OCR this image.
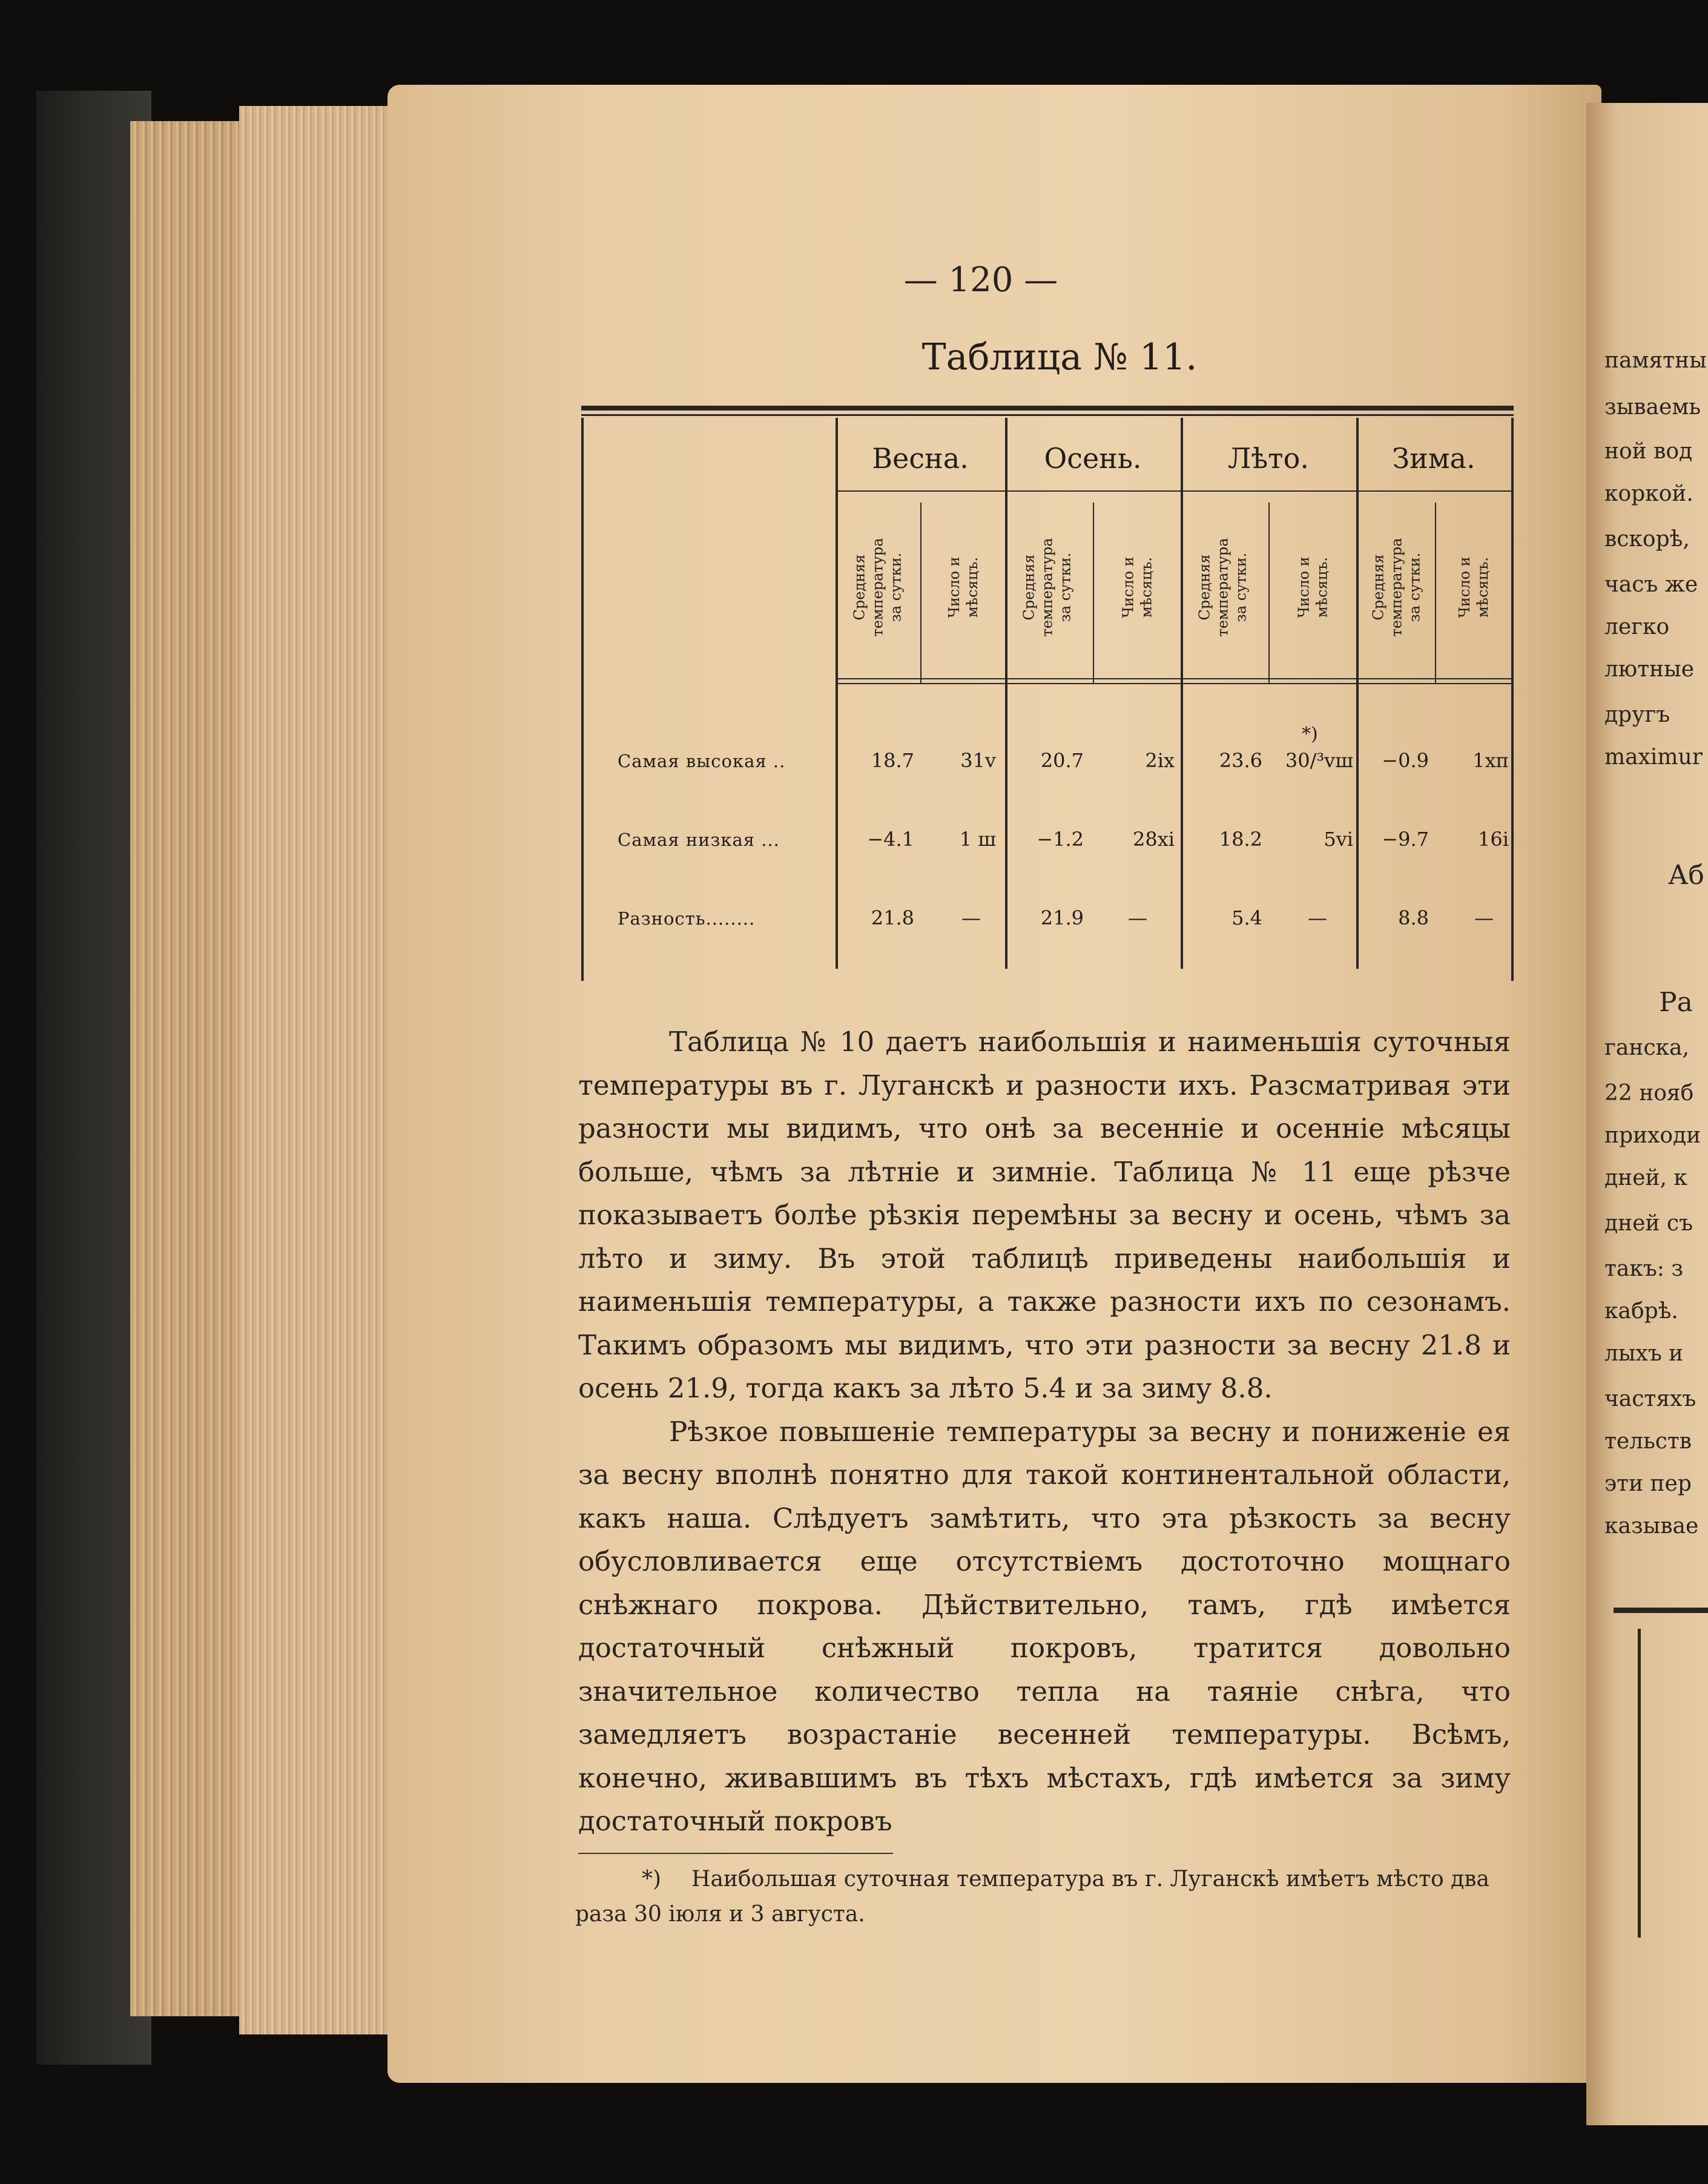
— 120 —
Таблица № 11.
Весна.	Осень.	Лѣто.	Зима.
Средняя
температура
за сутки.	Число и
мѣсяцъ.	Средняя
температура
за сутки.	Число и
мѣсяцъ.	Средняя
температура
за сутки.	Число и
мѣсяцъ.	Средняя
температура
за сутки. Число и
мѣсяцъ.
*)
Самая высокая ..	18.7	31v	20.7	2ix	23.6	30/³vш	−0.9	1xп
Самая низкая ...	−4.1	1 ш	−1.2	28xi	18.2	5vi	−9.7	16i
Разность........	21.8	—	21.9	—	5.4	—	8.8	—

Таблица № 10 даетъ наибольшія и наименьшія суточныя температуры въ г. Луганскѣ и разности ихъ. Разсматривая эти разности мы видимъ, что онѣ за весенніе и осеннiе мѣсяцы больше, чѣмъ за лѣтніе и зимніе. Таблица № 11 еще рѣзче показываетъ болѣе рѣзкія перемѣны за весну и осень, чѣмъ за лѣто и зиму. Въ этой таблицѣ приведены наибольшія и наименьшія температуры, а также разности ихъ по сезонамъ. Такимъ образомъ мы видимъ, что эти разности за весну 21.8 и осень 21.9, тогда какъ за лѣто 5.4 и за зиму 8.8.

Рѣзкое повышеніе температуры за весну и пониженіе ея за весну вполнѣ понятно для такой континентальной области, какъ наша. Слѣдуетъ замѣтить, что эта рѣзкость за весну обусловливается еще отсутствіемъ достоточно мощнаго снѣжнагo покрова. Дѣйствительно, тамъ, гдѣ имѣется достаточный снѣжный покровъ, тратится довольно значительное количество тепла на таяніе снѣга, что замедляетъ возрастаніе весенней температуры. Всѣмъ, конечно, живавшимъ въ тѣхъ мѣстахъ, гдѣ имѣется за зиму достаточный покровъ

*) Наибольшая суточная температура въ г. Луганскѣ имѣетъ мѣсто два раза 30 іюля и 3 августа.
памятны
зываемь
ной вод
коркой.
вскорѣ,
часъ же
легко
лютные
другъ
maximur
Аб
Ра
ганска,
22 нояб
приходи
дней, к
дней съ
такъ: з
кабрѣ.
лыхъ и
частяхъ
тельств
эти пер
казывае
